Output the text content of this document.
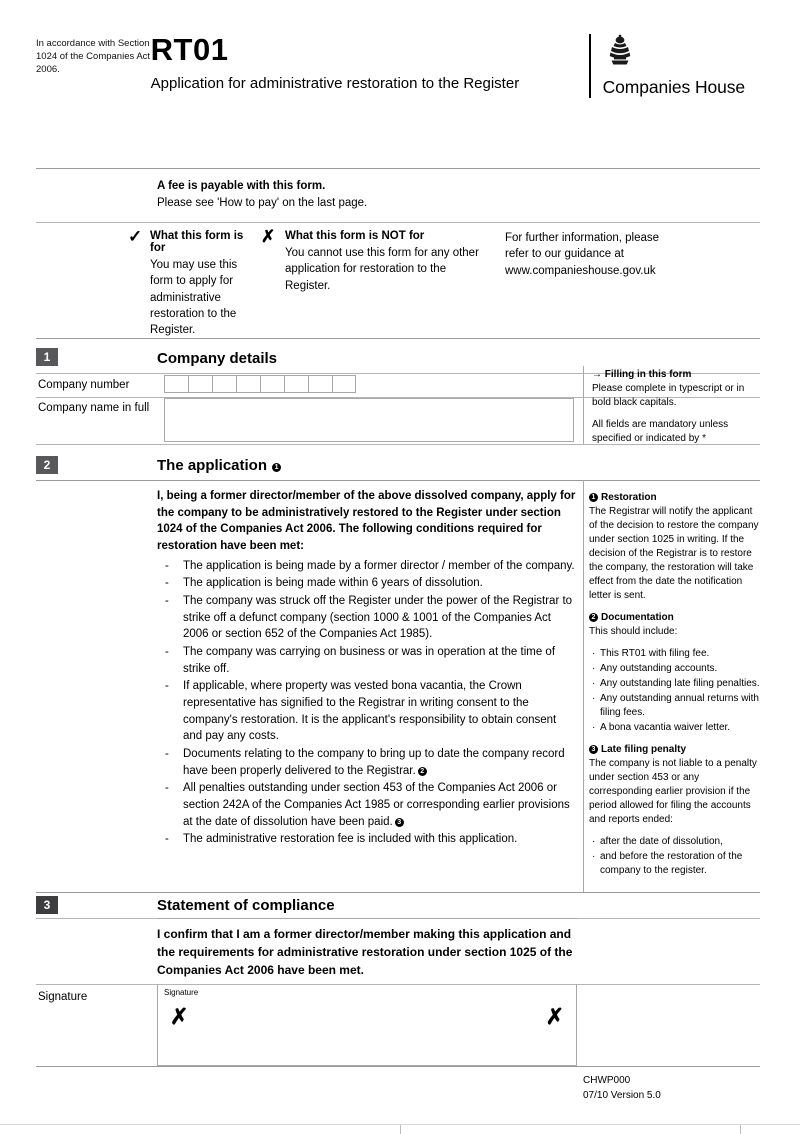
In accordance with Section 1024 of the Companies Act 2006.
RT01
Application for administrative restoration to the Register	Companies House
A fee is payable with this form.
Please see 'How to pay' on the last page.
✓ What this form is for

You may use this form to apply for administrative restoration to the Register.

✗ What this form is NOT for

You cannot use this form for any other application for restoration to the Register.

For further information, please refer to our guidance at www.companieshouse.gov.uk

1	Company details
Company number
Company name in full

→ Filling in this form
Please complete in typescript or in bold black capitals.

All fields are mandatory unless specified or indicated by *

2	The application 1

I, being a former director/member of the above dissolved company, apply for the company to be administratively restored to the Register under section 1024 of the Companies Act 2006. The following conditions required for restoration have been met:

- The application is being made by a former director / member of the company.
- The application is being made within 6 years of dissolution.
- The company was struck off the Register under the power of the Registrar to strike off a defunct company (section 1000 & 1001 of the Companies Act 2006 or section 652 of the Companies Act 1985).
- The company was carrying on business or was in operation at the time of strike off.
- If applicable, where property was vested bona vacantia, the Crown representative has signified to the Registrar in writing consent to the company's restoration. It is the applicant's responsibility to obtain consent and pay any costs.
- Documents relating to the company to bring up to date the company record have been properly delivered to the Registrar. 2
- All penalties outstanding under section 453 of the Companies Act 2006 or section 242A of the Companies Act 1985 or corresponding earlier provisions at the date of dissolution have been paid. 3
- The administrative restoration fee is included with this application.

1 Restoration
The Registrar will notify the applicant of the decision to restore the company under section 1025 in writing. If the decision of the Registrar is to restore the company, the restoration will take effect from the date the notification letter is sent.

2 Documentation
This should include:

· This RT01 with filing fee.
· Any outstanding accounts.
· Any outstanding late filing penalties.
· Any outstanding annual returns with filing fees.
· A bona vacantia waiver letter.

3 Late filing penalty
The company is not liable to a penalty under section 453 or any corresponding earlier provision if the period allowed for filing the accounts and reports ended:

· after the date of dissolution,
· and before the restoration of the company to the register.
3	Statement of compliance
I confirm that I am a former director/member making this application and the requirements for administrative restoration under section 1025 of the Companies Act 2006 have been met.
Signature	Signature
✗	✗
CHWP000
07/10 Version 5.0
